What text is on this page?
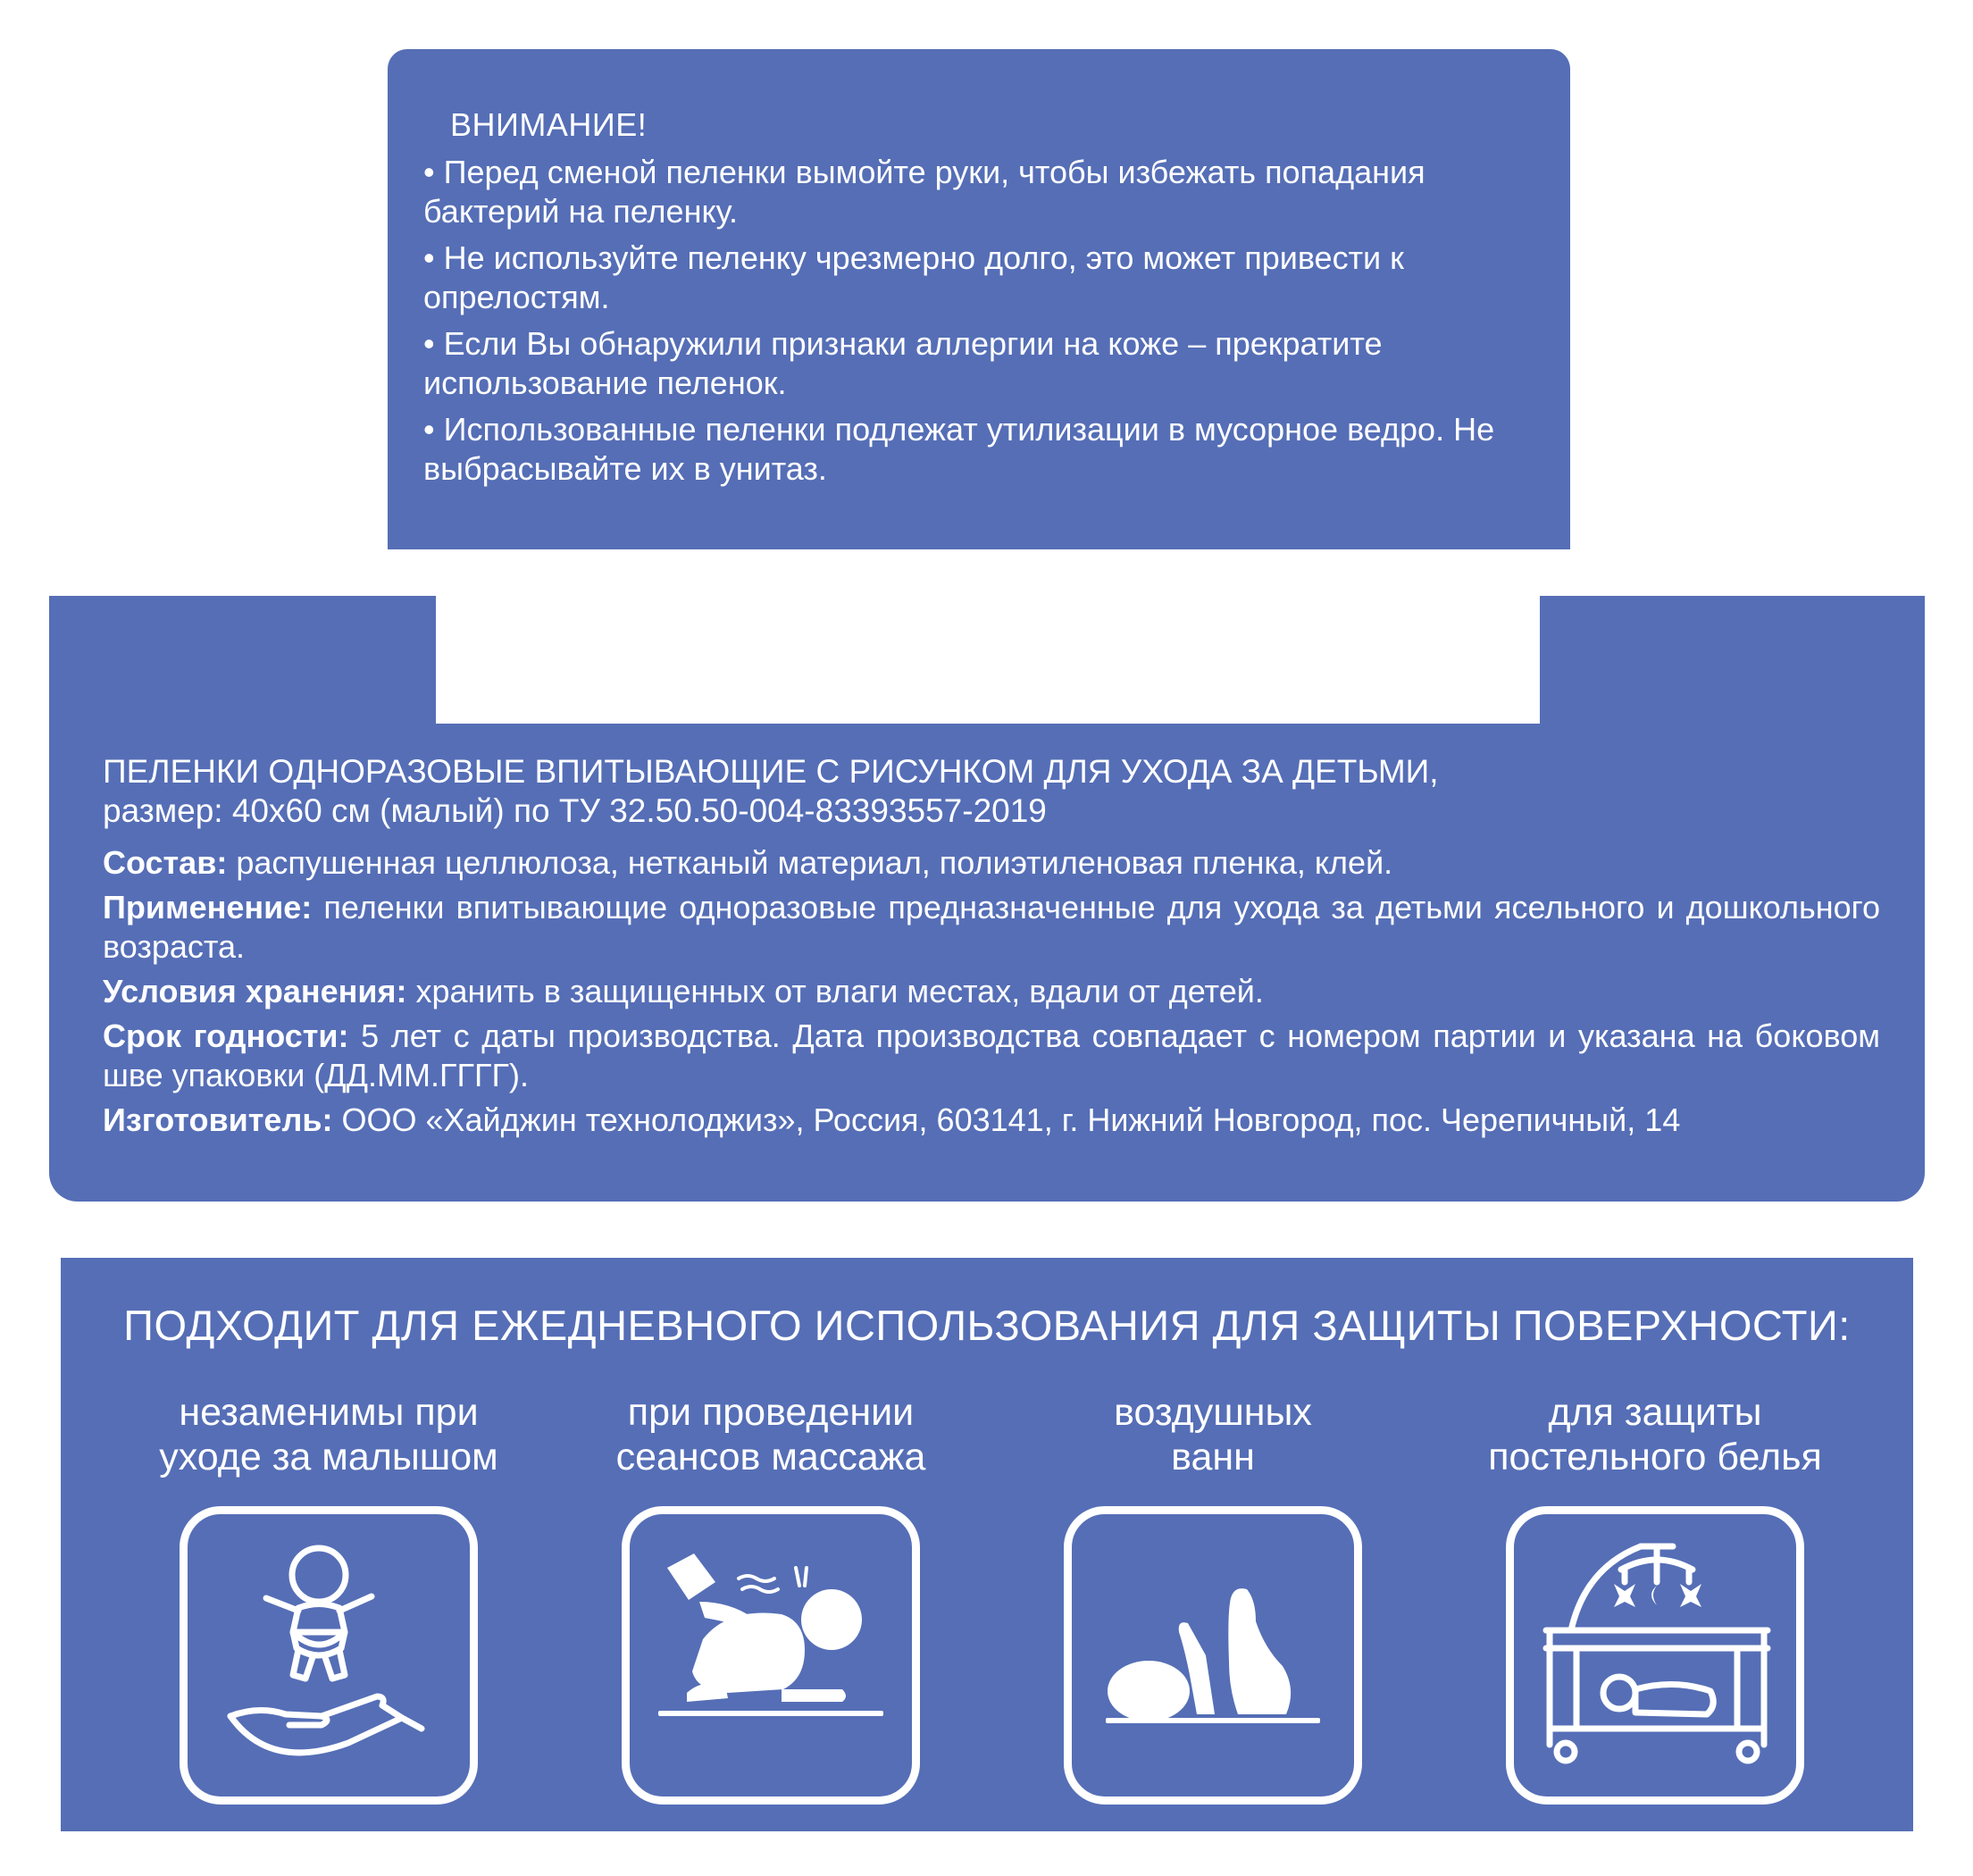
ВНИМАНИЕ!
• Перед сменой пеленки вымойте руки, чтобы избежать попадания бактерий на пеленку.
• Не используйте пеленку чрезмерно долго, это может привести к опрелостям.
• Если Вы обнаружили признаки аллергии на коже – прекратите использование пеленок.
• Использованные пеленки подлежат утилизации в мусорное ведро. Не выбрасывайте их в унитаз.
ПЕЛЕНКИ ОДНОРАЗОВЫЕ ВПИТЫВАЮЩИЕ С РИСУНКОМ ДЛЯ УХОДА ЗА ДЕТЬМИ,
размер: 40х60 см (малый) по ТУ 32.50.50-004-83393557-2019

Состав: распушенная целлюлоза, нетканый материал, полиэтиленовая пленка, клей.

Применение: пеленки впитывающие одноразовые предназначенные для ухода за детьми ясельного и дошкольного возраста.

Условия хранения: хранить в защищенных от влаги местах, вдали от детей.

Срок годности: 5 лет с даты производства. Дата производства совпадает с номером партии и указана на боковом шве упаковки (ДД.ММ.ГГГГ).

Изготовитель: ООО «Хайджин технолоджиз», Россия, 603141, г. Нижний Новгород, пос. Черепичный, 14

ПОДХОДИТ ДЛЯ ЕЖЕДНЕВНОГО ИСПОЛЬЗОВАНИЯ ДЛЯ ЗАЩИТЫ ПОВЕРХНОСТИ:
незаменимы при
уходе за малышом
при проведении
сеансов массажа
воздушных
ванн
для защиты
постельного белья
